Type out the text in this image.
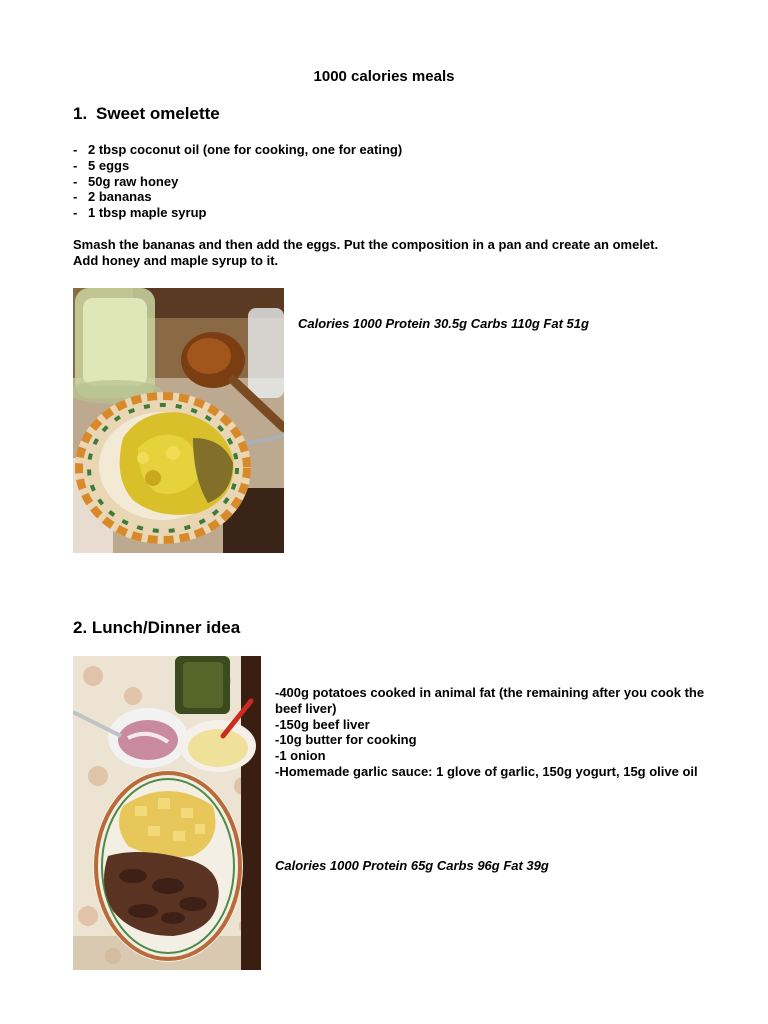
1000 calories meals
1. Sweet omelette
- 2 tbsp coconut oil (one for cooking, one for eating)
- 5 eggs
- 50g raw honey
- 2 bananas
- 1 tbsp maple syrup
Smash the bananas and then add the eggs. Put the composition in a pan and create an omelet. Add honey and maple syrup to it.
Calories 1000 Protein 30.5g Carbs 110g Fat 51g
2. Lunch/Dinner idea
-400g potatoes cooked in animal fat (the remaining after you cook the beef liver)
-150g beef liver
-10g butter for cooking
-1 onion
-Homemade garlic sauce: 1 glove of garlic, 150g yogurt, 15g olive oil
Calories 1000 Protein 65g Carbs 96g Fat 39g
